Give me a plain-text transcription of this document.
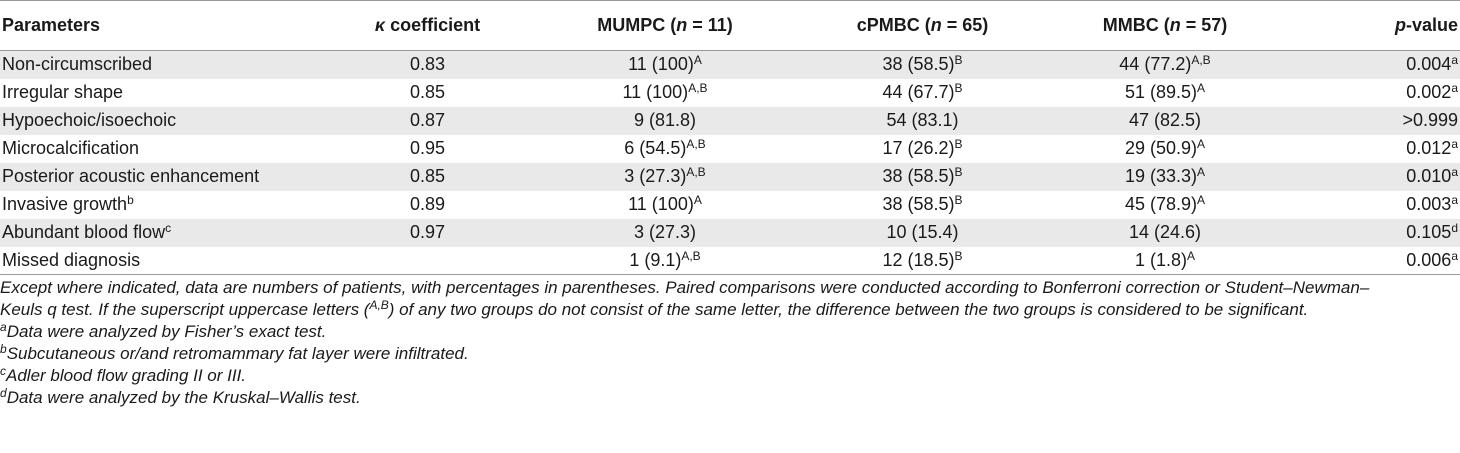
Parameters	κ coefficient	MUMPC (n = 11)	cPMBC (n = 65)	MMBC (n = 57)	p-value
Non-circumscribed	0.83	11 $(100)^A$	38 $(58.5)^B$	44 $(77.2)^{A,B}$	0.004$^a$
Irregular shape	0.85	11 $(100)^{A,B}$	44 $(67.7)^B$	51 $(89.5)^A$	0.002$^a$
Hypoechoic/isoechoic	0.87	9 (81.8)	54 (83.1)	47 (82.5)	>0.999
Microcalcification	0.95	6 $(54.5)^{A,B}$	17 $(26.2)^B$	29 $(50.9)^A$	0.012$^a$
Posterior acoustic enhancement	0.85	3 $(27.3)^{A,B}$	38 $(58.5)^B$	19 $(33.3)^A$	0.010$^a$
Invasive growth$^b$	0.89	11 $(100)^A$	38 $(58.5)^B$	45 $(78.9)^A$	0.003$^a$
Abundant blood flow$^c$	0.97	3 (27.3)	10 (15.4)	14 (24.6)	0.105$^d$
Missed diagnosis		1 $(9.1)^{A,B}$	12 $(18.5)^B$	1 $(1.8)^A$	0.006$^a$

Except where indicated, data are numbers of patients, with percentages in parentheses. Paired comparisons were conducted according to Bonferroni correction or Student–Newman–
Keuls q test. If the superscript uppercase letters ($^{A,B}$) of any two groups do not consist of the same letter, the difference between the two groups is considered to be significant.

$^a$Data were analyzed by Fisher’s exact test.

$^b$Subcutaneous or/and retromammary fat layer were infiltrated.

$^c$Adler blood flow grading II or III.

$^d$Data were analyzed by the Kruskal–Wallis test.
